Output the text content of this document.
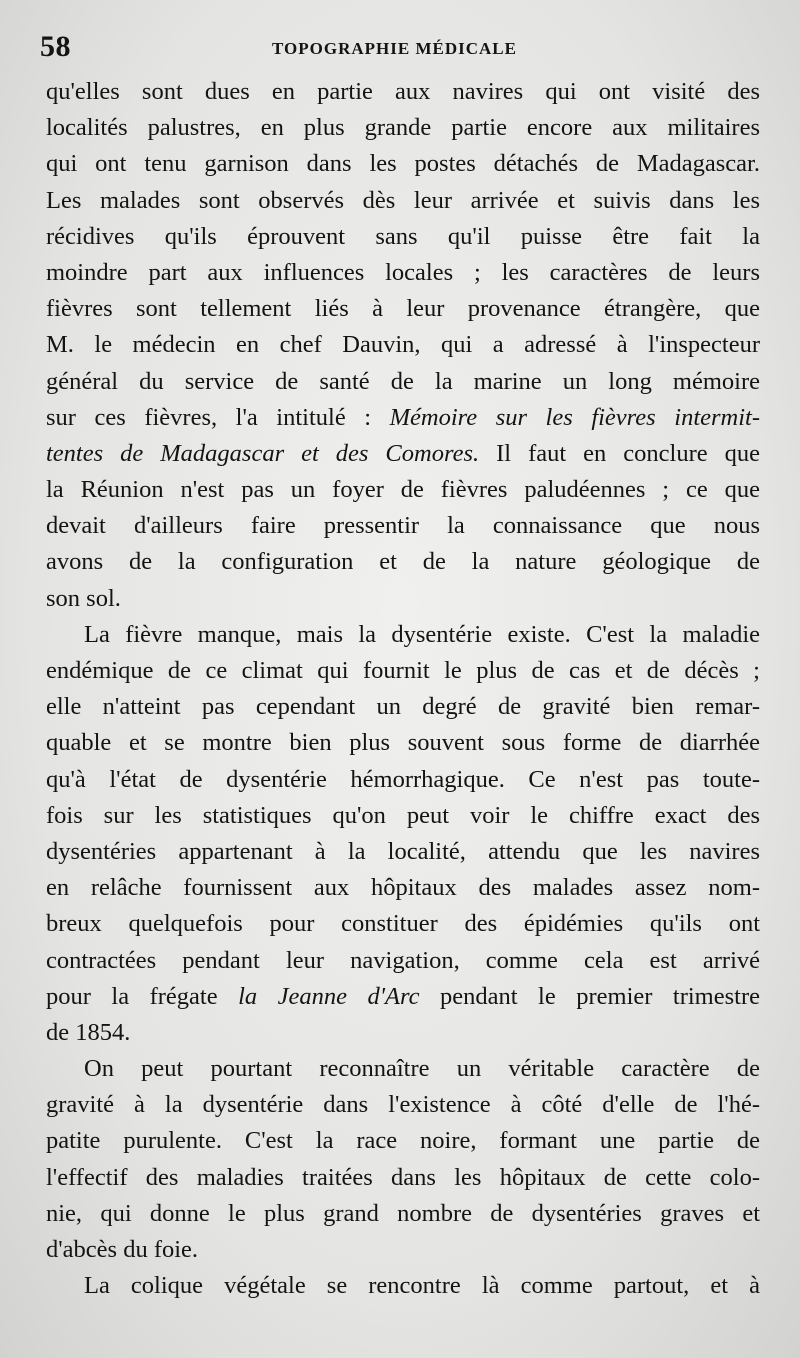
58	TOPOGRAPHIE MÉDICALE
qu'elles sont dues en partie aux navires qui ont visité des
localités palustres, en plus grande partie encore aux militaires
qui ont tenu garnison dans les postes détachés de Madagascar.
Les malades sont observés dès leur arrivée et suivis dans les
récidives qu'ils éprouvent sans qu'il puisse être fait la
moindre part aux influences locales ; les caractères de leurs
fièvres sont tellement liés à leur provenance étrangère, que
M. le médecin en chef Dauvin, qui a adressé à l'inspecteur
général du service de santé de la marine un long mémoire
sur ces fièvres, l'a intitulé : Mémoire sur les fièvres intermit-
tentes de Madagascar et des Comores. Il faut en conclure que
la Réunion n'est pas un foyer de fièvres paludéennes ; ce que
devait d'ailleurs faire pressentir la connaissance que nous
avons de la configuration et de la nature géologique de
son sol.
La fièvre manque, mais la dysentérie existe. C'est la maladie
endémique de ce climat qui fournit le plus de cas et de décès ;
elle n'atteint pas cependant un degré de gravité bien remar-
quable et se montre bien plus souvent sous forme de diarrhée
qu'à l'état de dysentérie hémorrhagique. Ce n'est pas toute-
fois sur les statistiques qu'on peut voir le chiffre exact des
dysentéries appartenant à la localité, attendu que les navires
en relâche fournissent aux hôpitaux des malades assez nom-
breux quelquefois pour constituer des épidémies qu'ils ont
contractées pendant leur navigation, comme cela est arrivé
pour la frégate la Jeanne d'Arc pendant le premier trimestre
de 1854.
On peut pourtant reconnaître un véritable caractère de
gravité à la dysentérie dans l'existence à côté d'elle de l'hé-
patite purulente. C'est la race noire, formant une partie de
l'effectif des maladies traitées dans les hôpitaux de cette colo-
nie, qui donne le plus grand nombre de dysentéries graves et
d'abcès du foie.
La colique végétale se rencontre là comme partout, et à
